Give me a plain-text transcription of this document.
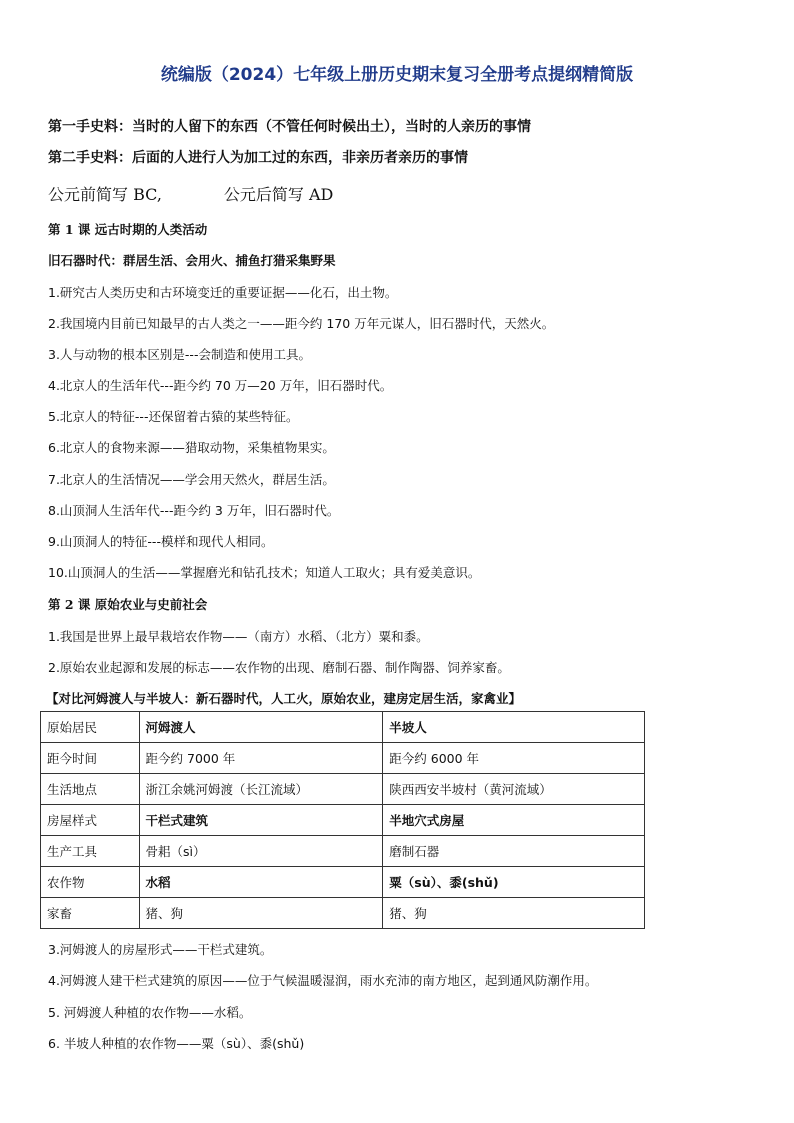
统编版（2024）七年级上册历史期末复习全册考点提纲精简版
第一手史料：当时的人留下的东西（不管任何时候出土），当时的人亲历的事情
第二手史料：后面的人进行人为加工过的东西，非亲历者亲历的事情
公元前简写 BC,	公元后简写 AD
第 1 课 远古时期的人类活动
旧石器时代：群居生活、会用火、捕鱼打猎采集野果
1.研究古人类历史和古环境变迁的重要证据——化石，出土物。
2.我国境内目前已知最早的古人类之一——距今约 170 万年元谋人，旧石器时代，天然火。
3.人与动物的根本区别是---会制造和使用工具。
4.北京人的生活年代---距今约 70 万—20 万年，旧石器时代。
5.北京人的特征---还保留着古猿的某些特征。
6.北京人的食物来源——猎取动物，采集植物果实。
7.北京人的生活情况——学会用天然火，群居生活。
8.山顶洞人生活年代---距今约 3 万年，旧石器时代。
9.山顶洞人的特征---模样和现代人相同。
10.山顶洞人的生活——掌握磨光和钻孔技术；知道人工取火；具有爱美意识。
第 2 课 原始农业与史前社会
1.我国是世界上最早栽培农作物——（南方）水稻、（北方）粟和黍。
2.原始农业起源和发展的标志——农作物的出现、磨制石器、制作陶器、饲养家畜。
【对比河姆渡人与半坡人：新石器时代，人工火，原始农业，建房定居生活，家禽业】
原始居民	河姆渡人	半坡人
距今时间	距今约 7000 年	距今约 6000 年
生活地点	浙江余姚河姆渡（长江流域）	陕西西安半坡村（黄河流域）
房屋样式	干栏式建筑	半地穴式房屋
生产工具	骨耜（sì）	磨制石器
农作物	水稻	粟（sù）、黍(shǔ)
家畜	猪、狗	猪、狗
3.河姆渡人的房屋形式——干栏式建筑。
4.河姆渡人建干栏式建筑的原因——位于气候温暖湿润，雨水充沛的南方地区，起到通风防潮作用。
5. 河姆渡人种植的农作物——水稻。
6. 半坡人种植的农作物——粟（sù）、黍(shǔ)
